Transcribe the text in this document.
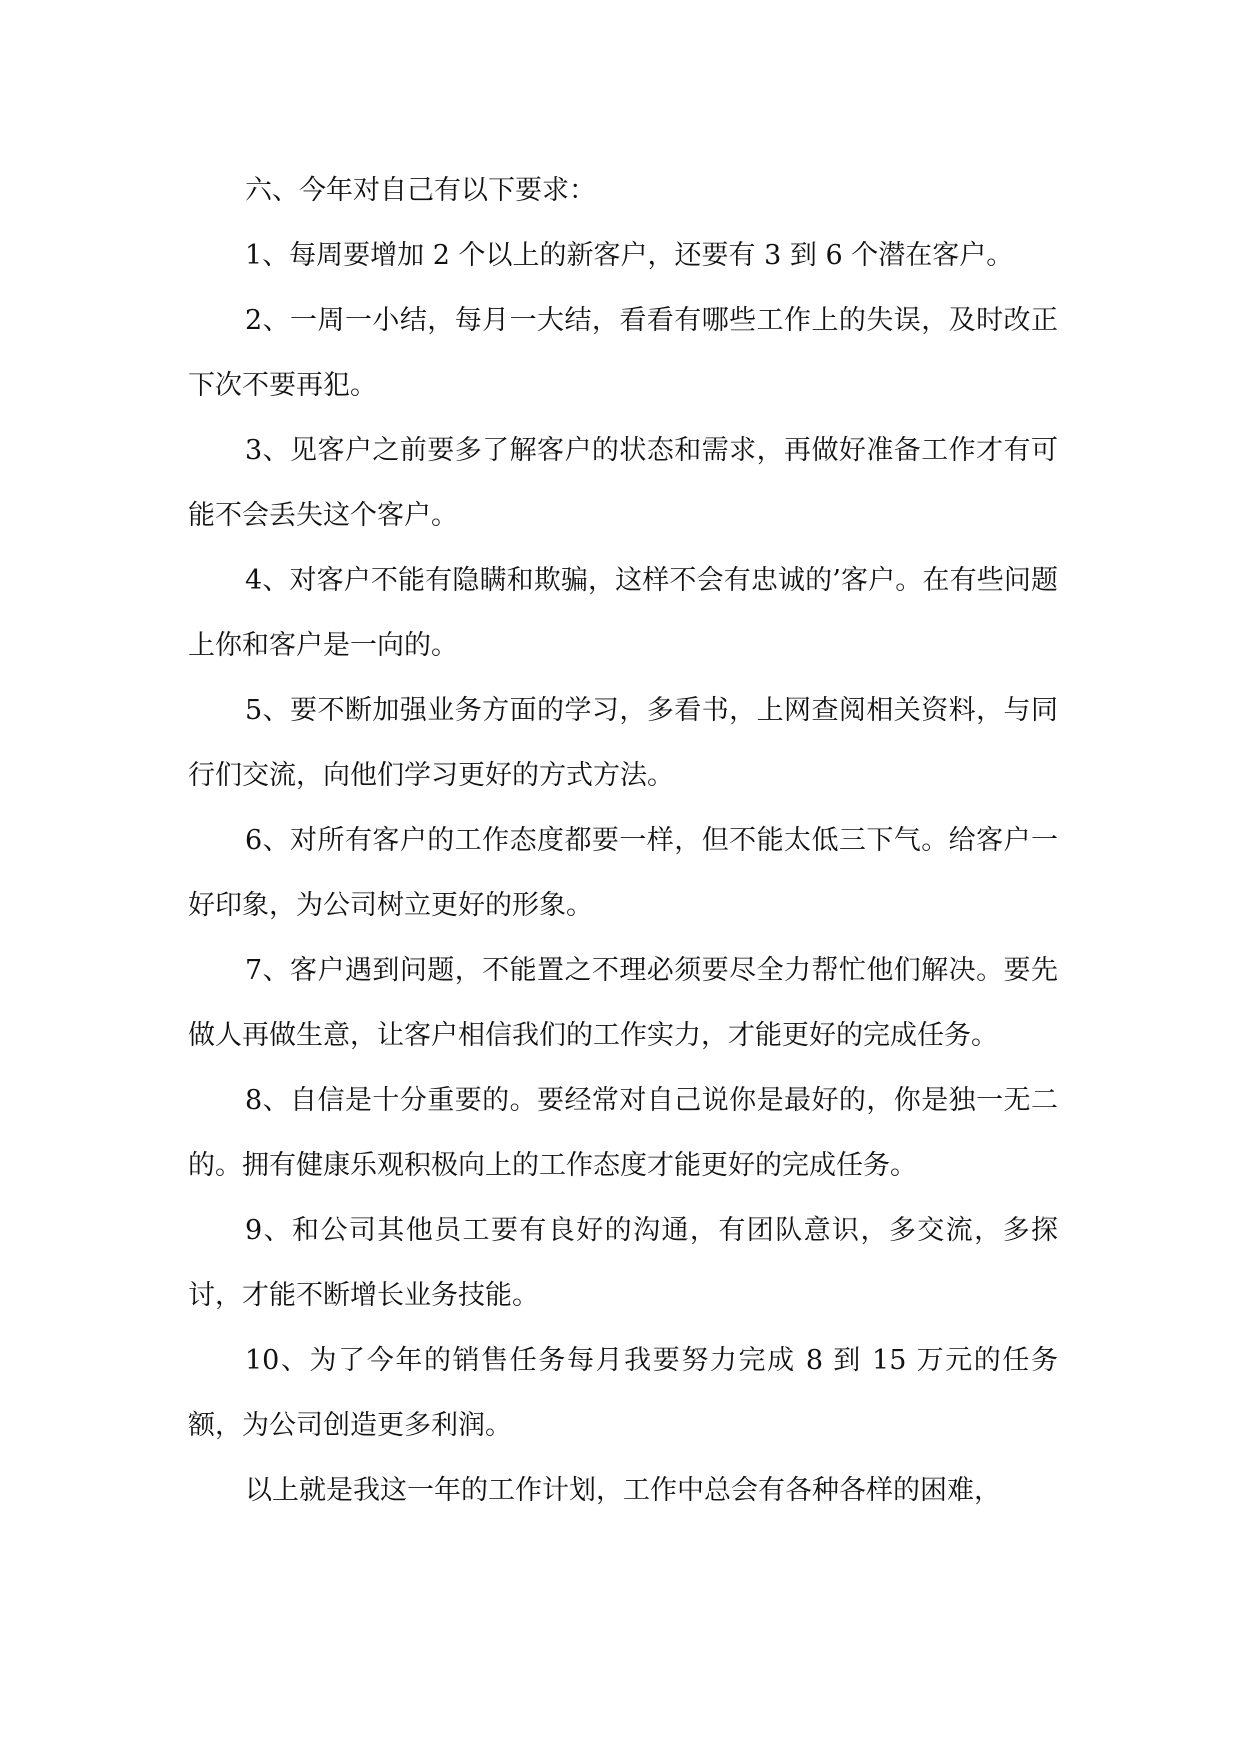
六、今年对自己有以下要求：

1、每周要增加 2 个以上的新客户，还要有 3 到 6 个潜在客户。

2、一周一小结，每月一大结，看看有哪些工作上的失误，及时改正下次不要再犯。

3、见客户之前要多了解客户的状态和需求，再做好准备工作才有可能不会丢失这个客户。

4、对客户不能有隐瞒和欺骗，这样不会有忠诚的’客户。在有些问题上你和客户是一向的。

5、要不断加强业务方面的学习，多看书，上网查阅相关资料，与同行们交流，向他们学习更好的方式方法。

6、对所有客户的工作态度都要一样，但不能太低三下气。给客户一好印象，为公司树立更好的形象。

7、客户遇到问题，不能置之不理必须要尽全力帮忙他们解决。要先做人再做生意，让客户相信我们的工作实力，才能更好的完成任务。

8、自信是十分重要的。要经常对自己说你是最好的，你是独一无二的。拥有健康乐观积极向上的工作态度才能更好的完成任务。

9、和公司其他员工要有良好的沟通，有团队意识，多交流，多探讨，才能不断增长业务技能。

10、为了今年的销售任务每月我要努力完成 8 到 15 万元的任务额，为公司创造更多利润。

以上就是我这一年的工作计划，工作中总会有各种各样的困难，
